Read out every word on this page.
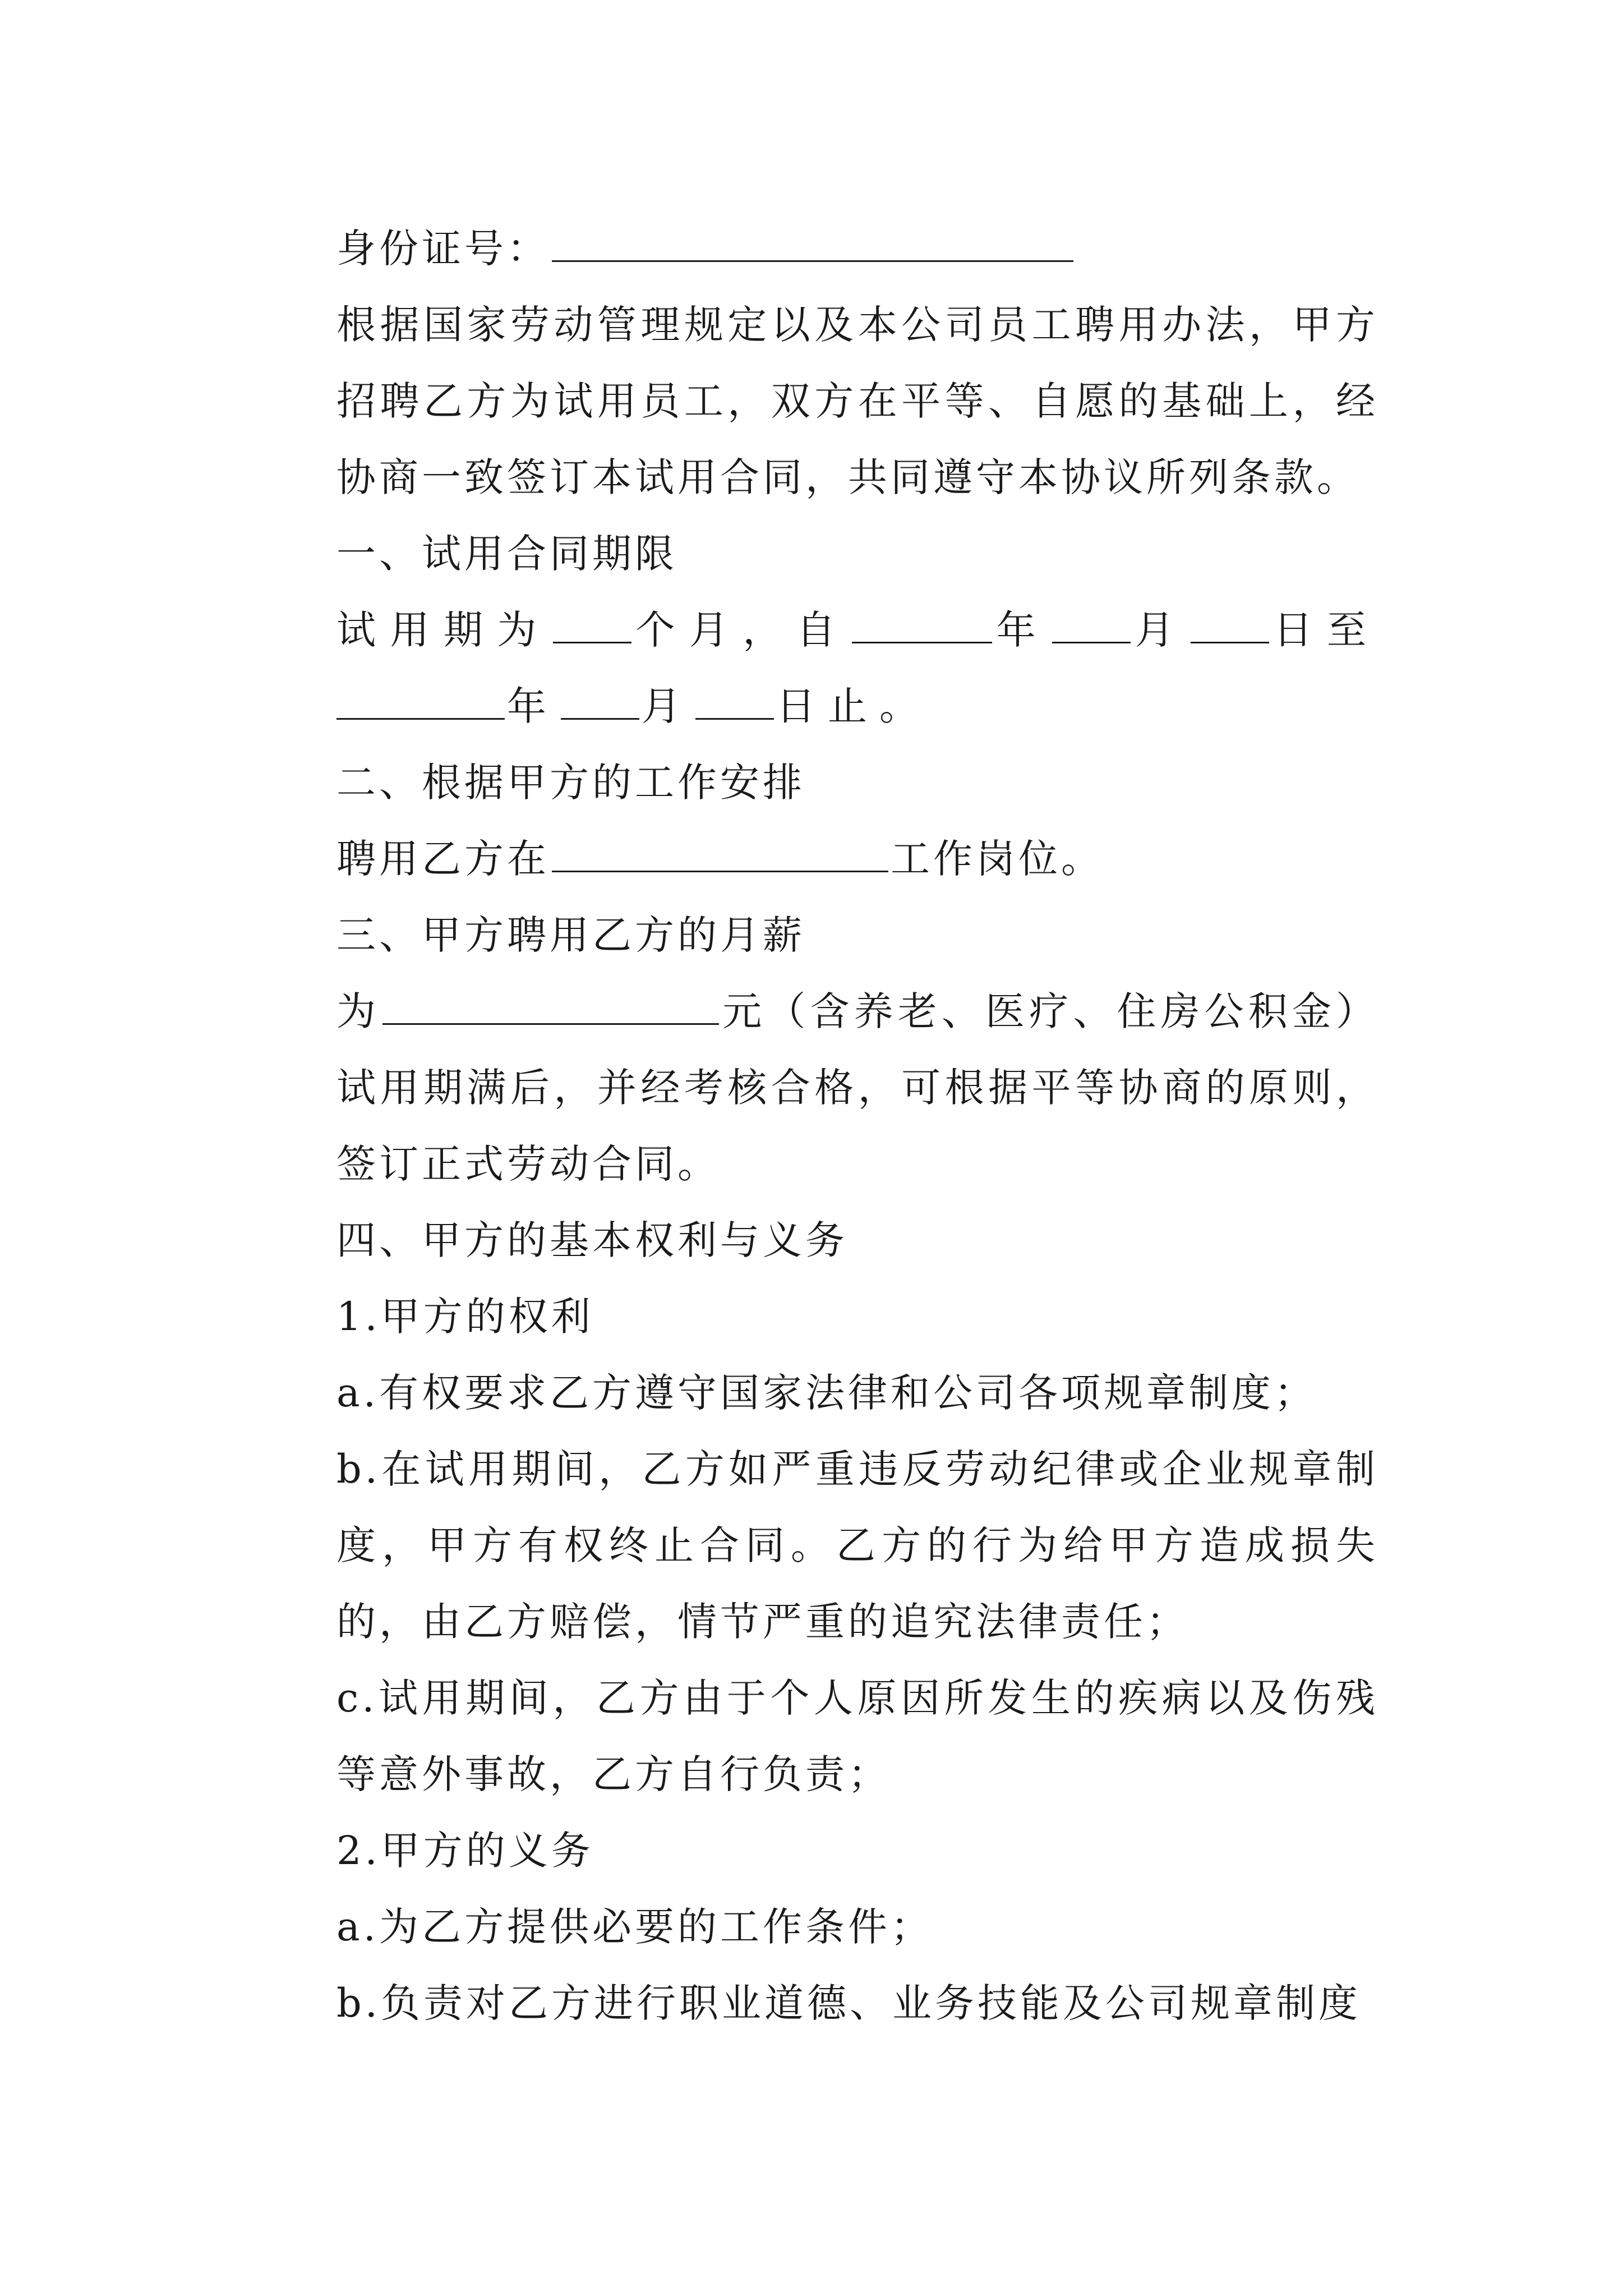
身份证号：

根据国家劳动管理规定以及本公司员工聘用办法，甲方招聘乙方为试用员工，双方在平等、自愿的基础上，经协商一致签订本试用合同，共同遵守本协议所列条款。

一、试用合同期限

试用期为 个月，自	年 月 日至年 月 日止。

二、根据甲方的工作安排

聘用乙方在	工作岗位。

三、甲方聘用乙方的月薪

为	元（含养老、医疗、住房公积金）试用期满后，并经考核合格，可根据平等协商的原则，签订正式劳动合同。

四、甲方的基本权利与义务

1.甲方的权利

a.有权要求乙方遵守国家法律和公司各项规章制度；

b.在试用期间，乙方如严重违反劳动纪律或企业规章制度，甲方有权终止合同。乙方的行为给甲方造成损失的，由乙方赔偿，情节严重的追究法律责任；

c.试用期间，乙方由于个人原因所发生的疾病以及伤残等意外事故，乙方自行负责；

2.甲方的义务

a.为乙方提供必要的工作条件；

b.负责对乙方进行职业道德、业务技能及公司规章制度
